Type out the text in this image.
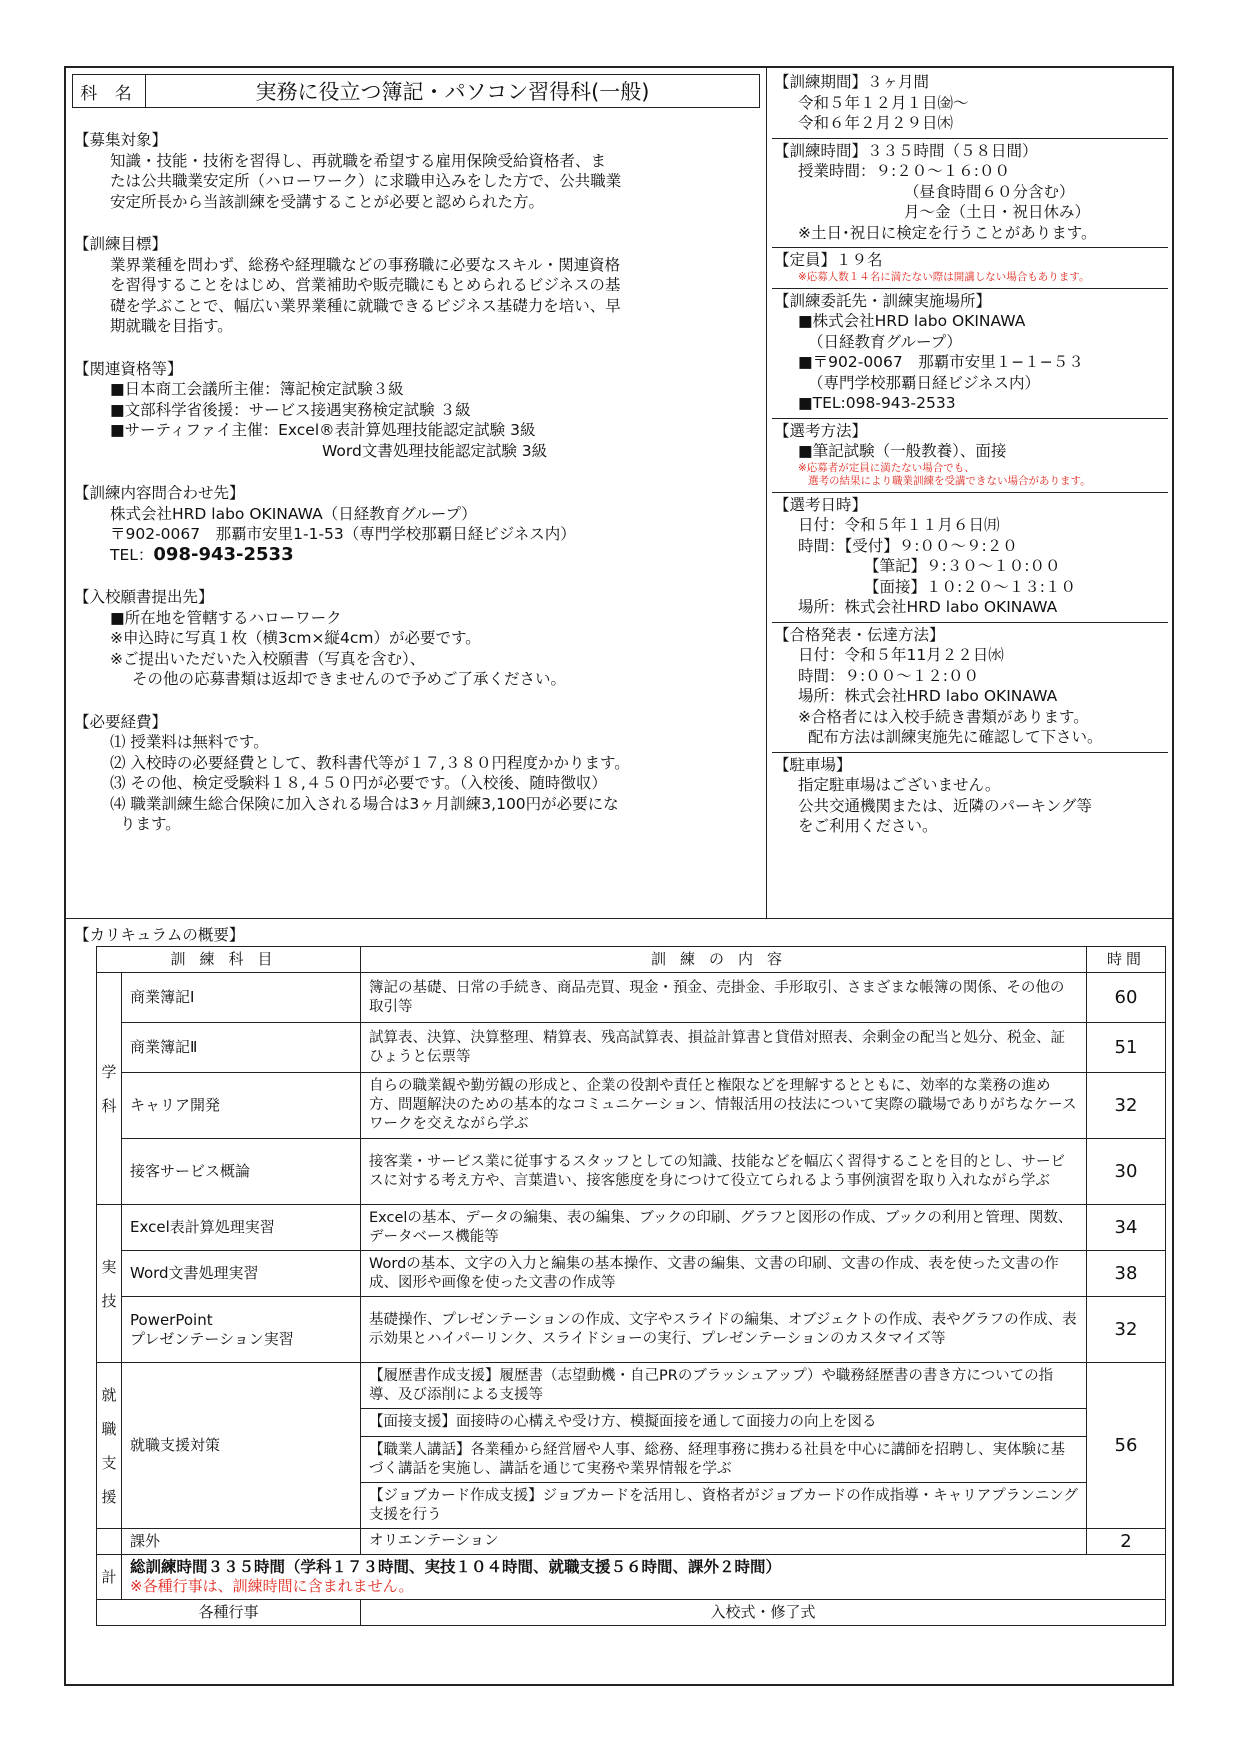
科 名	実務に役立つ簿記・パソコン習得科(一般)
【募集対象】
知識・技能・技術を習得し、再就職を希望する雇用保険受給資格者、ま
たは公共職業安定所（ハローワーク）に求職申込みをした方で、公共職業
安定所長から当該訓練を受講することが必要と認められた方。
【訓練目標】
業界業種を問わず、総務や経理職などの事務職に必要なスキル・関連資格
を習得することをはじめ、営業補助や販売職にもとめられるビジネスの基
礎を学ぶことで、幅広い業界業種に就職できるビジネス基礎力を培い、早
期就職を目指す。
【関連資格等】
■日本商工会議所主催：簿記検定試験３級
■文部科学省後援：サービス接遇実務検定試験 ３級
■サーティファイ主催：Excel®表計算処理技能認定試験 3級
Word文書処理技能認定試験 3級
【訓練内容問合わせ先】
株式会社HRD labo OKINAWA（日経教育グループ）
〒902-0067　那覇市安里1-1-53（専門学校那覇日経ビジネス内）
TEL：098-943-2533
【入校願書提出先】
■所在地を管轄するハローワーク
※申込時に写真１枚（横3cm×縦4cm）が必要です。
※ご提出いただいた入校願書（写真を含む）、
その他の応募書類は返却できませんので予めご了承ください。
【必要経費】
⑴ 授業料は無料です。
⑵ 入校時の必要経費として、教科書代等が１７,３８０円程度かかります。
⑶ その他、検定受験料１８,４５０円が必要です。（入校後、随時徴収）
⑷ 職業訓練生総合保険に加入される場合は3ヶ月訓練3,100円が必要にな
ります。
【訓練期間】３ヶ月間
令和５年１２月１日㈮～
令和６年２月２９日㈭
【訓練時間】３３５時間（５８日間）
授業時間：９:２０～１６:００
（昼食時間６０分含む）
月～金（土日・祝日休み）
※土日･祝日に検定を行うことがあります。
【定員】１９名
※応募人数１４名に満たない際は開講しない場合もあります。
【訓練委託先・訓練実施場所】
■株式会社HRD labo OKINAWA
（日経教育グループ）
■〒902-0067　那覇市安里１−１−５３
（専門学校那覇日経ビジネス内）
■TEL:098-943-2533
【選考方法】
■筆記試験（一般教養）、面接
※応募者が定員に満たない場合でも、
選考の結果により職業訓練を受講できない場合があります。
【選考日時】
日付：令和５年１１月６日㈪
時間：【受付】９:００～９:２０
【筆記】９:３０～１０:００
【面接】１０:２０～１３:１０
場所：株式会社HRD labo OKINAWA
【合格発表・伝達方法】
日付：令和５年11月２２日㈬
時間：９:００～１２:００
場所：株式会社HRD labo OKINAWA
※合格者には入校手続き書類があります。
配布方法は訓練実施先に確認して下さい。
【駐車場】
指定駐車場はございません。
公共交通機関または、近隣のパーキング等
をご利用ください。
【カリキュラムの概要】
訓練科目		訓練の内容	時間

学
科	商業簿記Ⅰ	簿記の基礎、日常の手続き、商品売買、現金・預金、売掛金、手形取引、さまざまな帳簿の関係、その他の取引等	60
	商業簿記Ⅱ	試算表、決算、決算整理、精算表、残高試算表、損益計算書と貸借対照表、余剰金の配当と処分、税金、証ひょうと伝票等	51
	キャリア開発	自らの職業観や勤労観の形成と、企業の役割や責任と権限などを理解するとともに、効率的な業務の進め方、問題解決のための基本的なコミュニケーション、情報活用の技法について実際の職場でありがちなケースワークを交えながら学ぶ	32
	接客サービス概論	接客業・サービス業に従事するスタッフとしての知識、技能などを幅広く習得することを目的とし、サービスに対する考え方や、言葉遣い、接客態度を身につけて役立てられるよう事例演習を取り入れながら学ぶ	30

実
技	Excel表計算処理実習	Excelの基本、データの編集、表の編集、ブックの印刷、グラフと図形の作成、ブックの利用と管理、関数、データベース機能等	34
	Word文書処理実習	Wordの基本、文字の入力と編集の基本操作、文書の編集、文書の印刷、文書の作成、表を使った文書の作成、図形や画像を使った文書の作成等	38
	PowerPoint
プレゼンテーション実習	基礎操作、プレゼンテーションの作成、文字やスライドの編集、オブジェクトの作成、表やグラフの作成、表示効果とハイパーリンク、スライドショーの実行、プレゼンテーションのカスタマイズ等	32

就
職
支
援	就職支援対策	【履歴書作成支援】履歴書（志望動機・自己PRのブラッシュアップ）や職務経歴書の書き方についての指導、及び添削による支援等	56
		【面接支援】面接時の心構えや受け方、模擬面接を通して面接力の向上を図る	
		【職業人講話】各業種から経営層や人事、総務、経理事務に携わる社員を中心に講師を招聘し、実体験に基づく講話を実施し、講話を通じて実務や業界情報を学ぶ	
		【ジョブカード作成支援】ジョブカードを活用し、資格者がジョブカードの作成指導・キャリアプランニング支援を行う	
	課外	オリエンテーション	2
計	総訓練時間３３５時間（学科１７３時間、実技１０４時間、就職支援５６時間、課外２時間）
※各種行事は、訓練時間に含まれません。		

各種行事		入校式・修了式	
